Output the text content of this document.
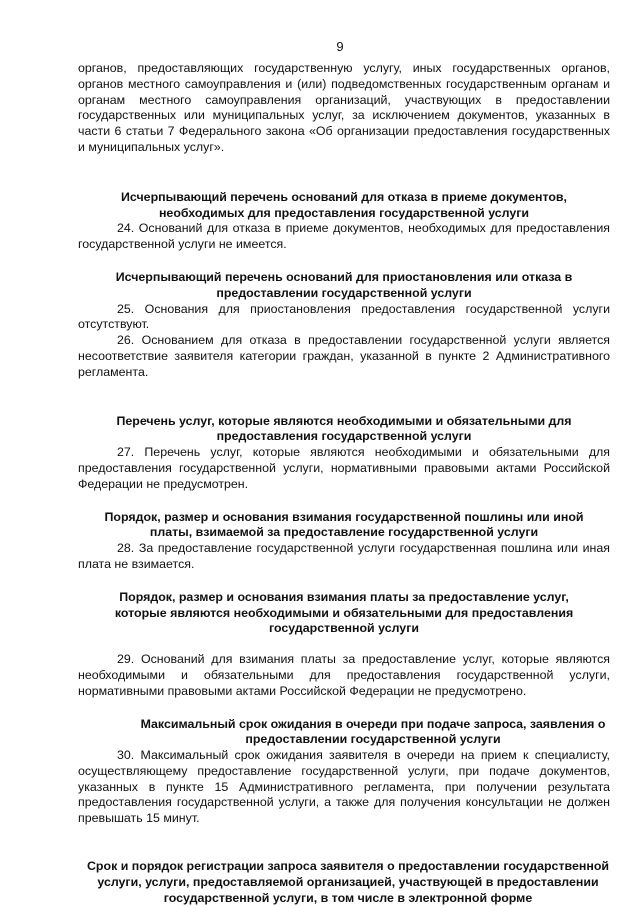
9

органов, предоставляющих государственную услугу, иных государственных органов, органов местного самоуправления и (или) подведомственных государственным органам и органам местного самоуправления организаций, участвующих в предоставлении государственных или муниципальных услуг, за исключением документов, указанных в части 6 статьи 7 Федерального закона «Об организации предоставления государственных и муниципальных услуг».

Исчерпывающий перечень оснований для отказа в приеме документов, необходимых для предоставления государственной услуги

24. Оснований для отказа в приеме документов, необходимых для предоставления государственной услуги не имеется.

Исчерпывающий перечень оснований для приостановления или отказа в предоставлении государственной услуги

25. Основания для приостановления предоставления государственной услуги отсутствуют.

26. Основанием для отказа в предоставлении государственной услуги является несоответствие заявителя категории граждан, указанной в пункте 2 Административного регламента.

Перечень услуг, которые являются необходимыми и обязательными для предоставления государственной услуги

27. Перечень услуг, которые являются необходимыми и обязательными для предоставления государственной услуги, нормативными правовыми актами Российской Федерации не предусмотрен.

Порядок, размер и основания взимания государственной пошлины или иной платы, взимаемой за предоставление государственной услуги

28. За предоставление государственной услуги государственная пошлина или иная плата не взимается.

Порядок, размер и основания взимания платы за предоставление услуг, которые являются необходимыми и обязательными для предоставления государственной услуги

29. Оснований для взимания платы за предоставление услуг, которые являются необходимыми и обязательными для предоставления государственной услуги, нормативными правовыми актами Российской Федерации не предусмотрено.

Максимальный срок ожидания в очереди при подаче запроса, заявления о предоставлении государственной услуги

30. Максимальный срок ожидания заявителя в очереди на прием к специалисту, осуществляющему предоставление государственной услуги, при подаче документов, указанных в пункте 15 Административного регламента, при получении результата предоставления государственной услуги, а также для получения консультации не должен превышать 15 минут.

Срок и порядок регистрации запроса заявителя о предоставлении государственной услуги, услуги, предоставляемой организацией, участвующей в предоставлении государственной услуги, в том числе в электронной форме
